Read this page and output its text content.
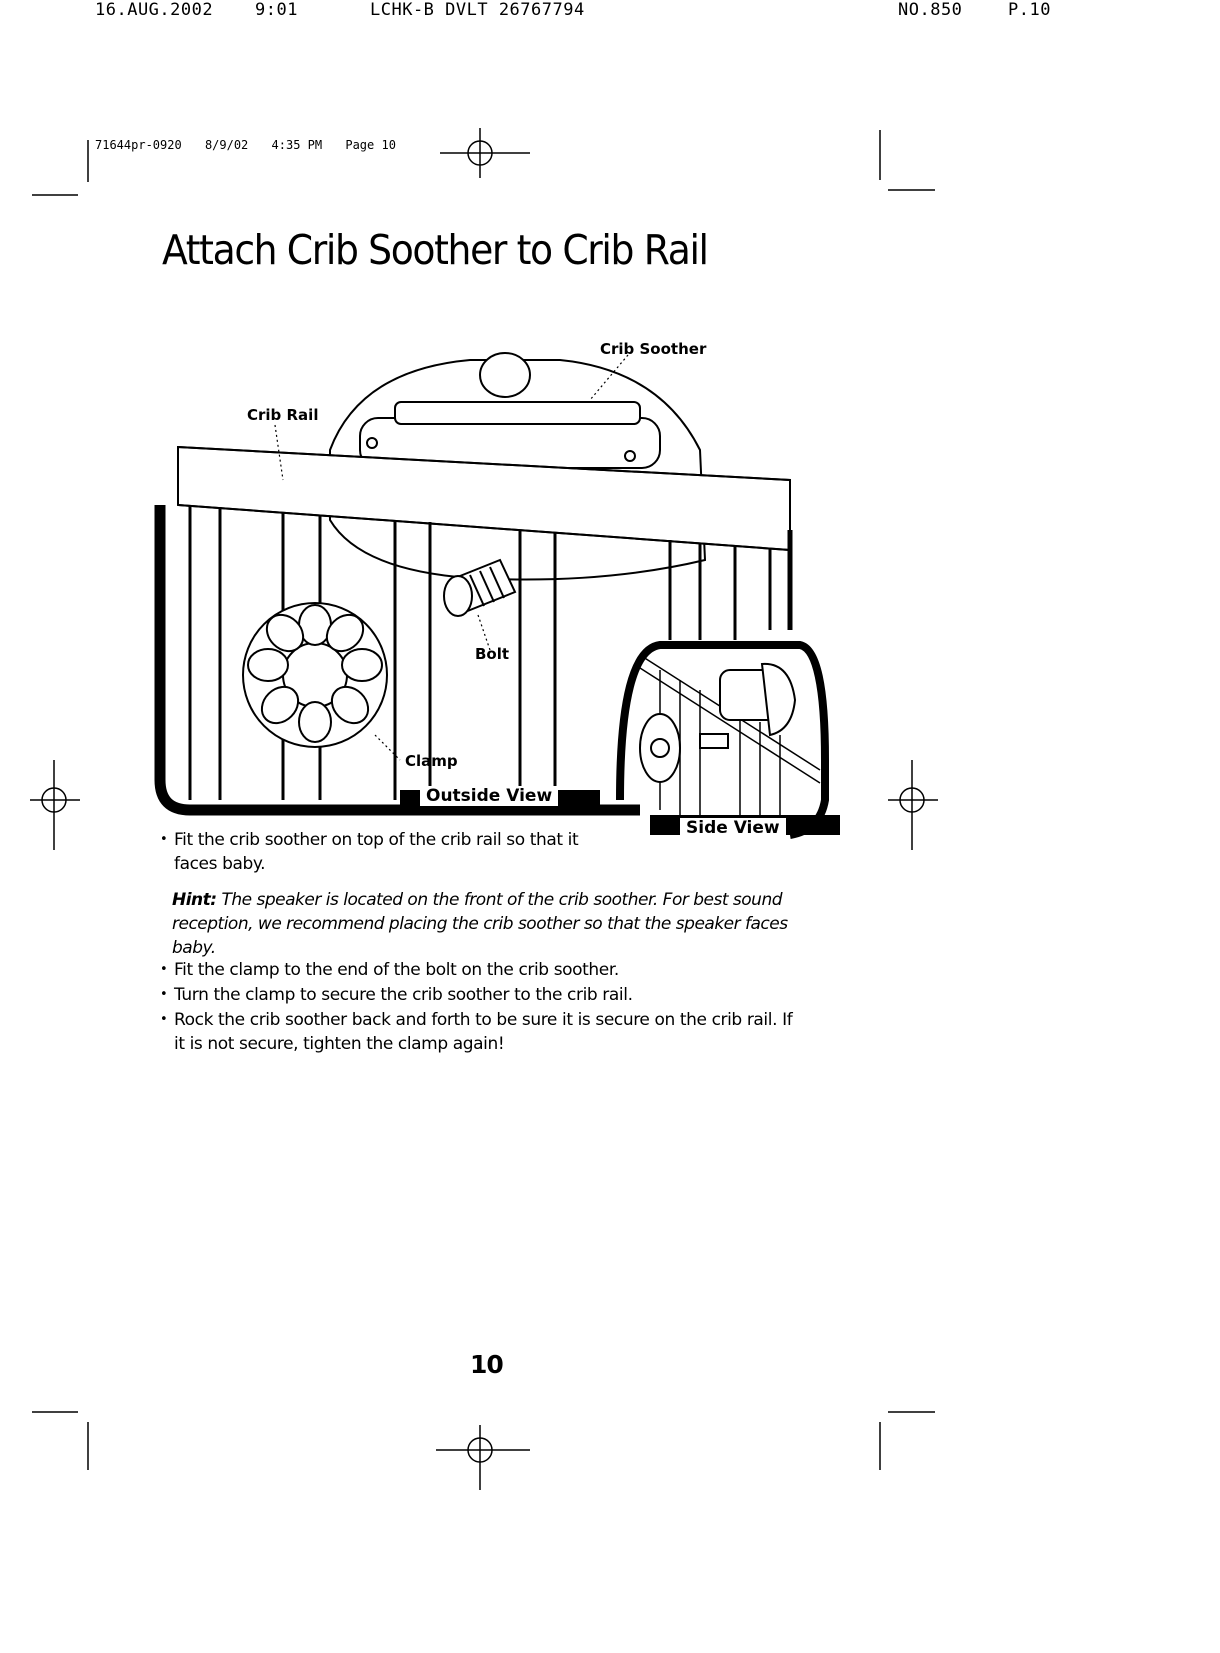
16.AUG.2002 9:01	LCHK-B DVLT 26767794	NO.850	P.10
71644pr-0920 8/9/02 4:35 PM Page 10
Attach Crib Soother to Crib Rail
Crib Soother
Crib Rail
Bolt
Clamp
Outside View
Side View
• Fit the crib soother on top of the crib rail so that it faces baby.
Hint: The speaker is located on the front of the crib soother. For best sound reception, we recommend placing the crib soother so that the speaker faces baby.
• Fit the clamp to the end of the bolt on the crib soother.
• Turn the clamp to secure the crib soother to the crib rail.
• Rock the crib soother back and forth to be sure it is secure on the crib rail. If it is not secure, tighten the clamp again!
10
